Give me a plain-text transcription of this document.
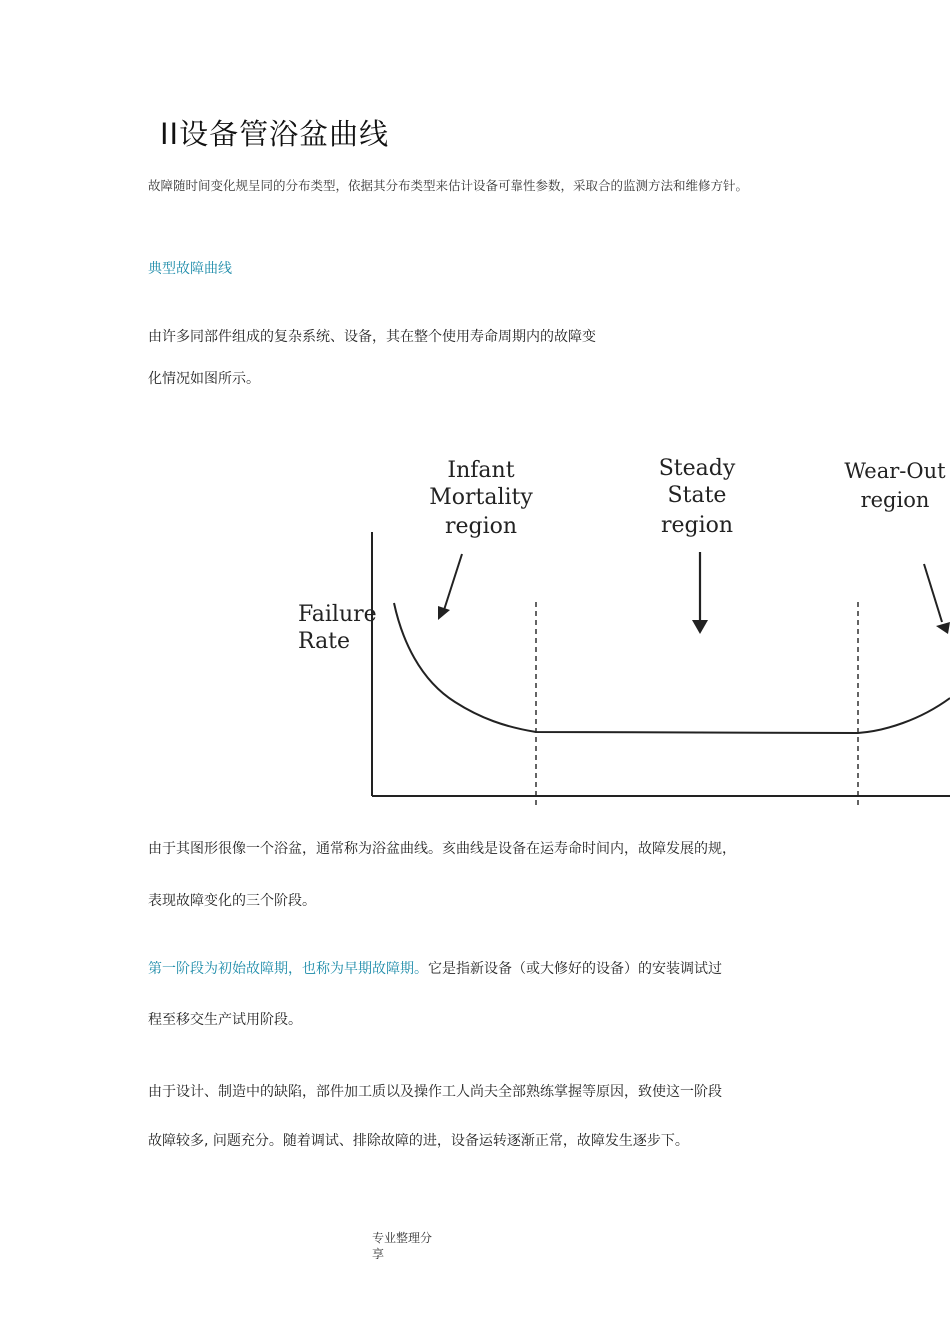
II设备管浴盆曲线
故障随时间变化规呈同的分布类型，依据其分布类型来估计设备可靠性参数，采取合的监测方法和维修方针。
典型故障曲线
由许多同部件组成的复杂系统、设备，其在整个使用寿命周期内的故障变
化情况如图所示。
Failure
Rate
Infant
Mortality
region
Steady
State
region
Wear-Out
region
由于其图形很像一个浴盆，通常称为浴盆曲线。亥曲线是设备在运寿命时间内，故障发展的规，
表现故障变化的三个阶段。
第一阶段为初始故障期，也称为早期故障期。它是指新设备（或大修好的设备）的安装调试过
程至移交生产试用阶段。
由于设计、制造中的缺陷，部件加工质以及操作工人尚夫全部熟练掌握等原因，致使这一阶段
故障较多, 问题充分。随着调试、排除故障的进，设备运转逐渐正常，故障发生逐步下。
专业整理分
享
